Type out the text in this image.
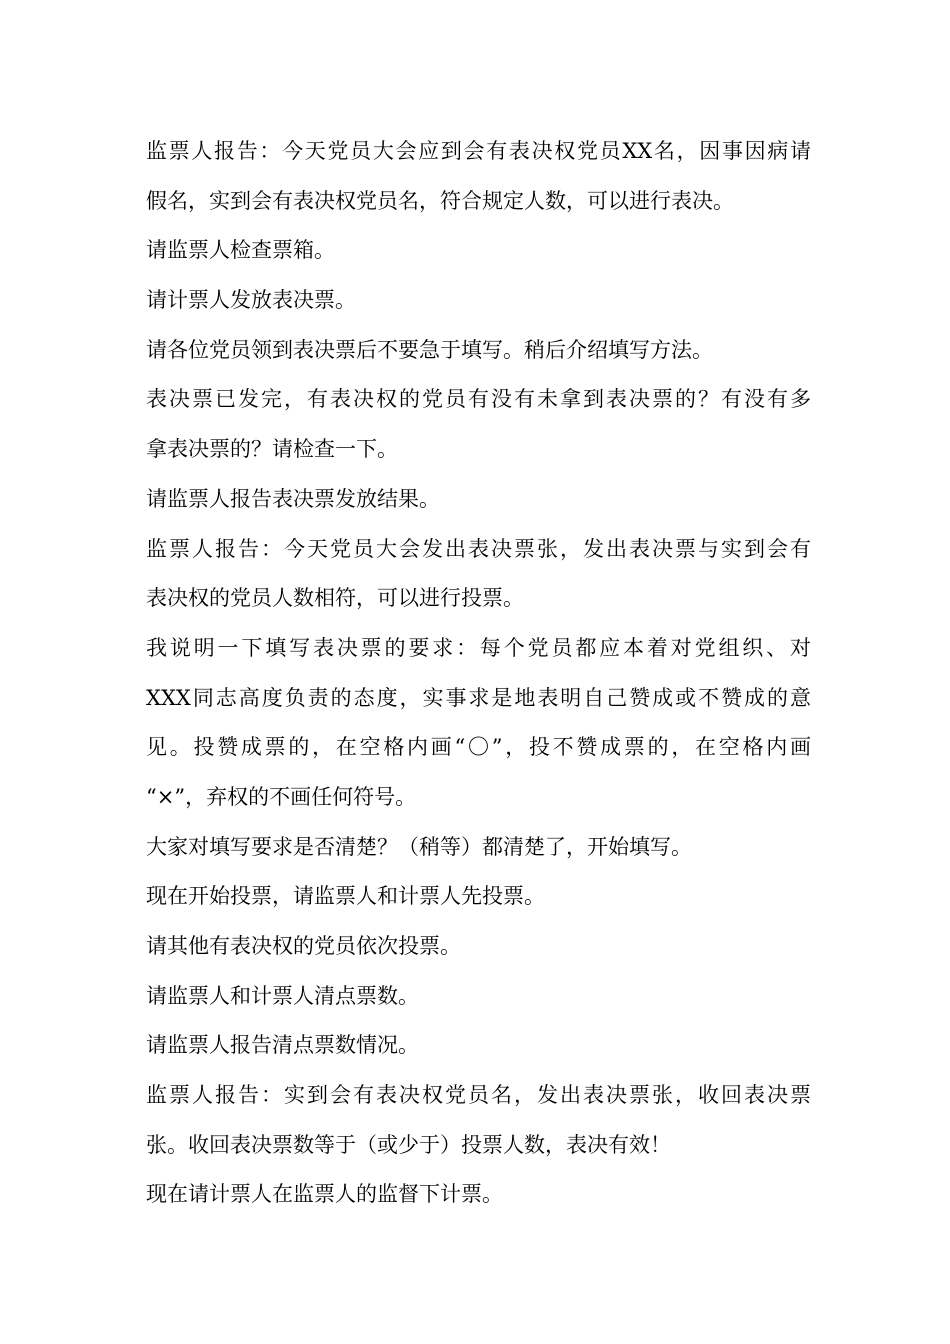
监票人报告：今天党员大会应到会有表决权党员XX名，因事因病请
假名，实到会有表决权党员名，符合规定人数，可以进行表决。
请监票人检查票箱。
请计票人发放表决票。
请各位党员领到表决票后不要急于填写。稍后介绍填写方法。
表决票已发完，有表决权的党员有没有未拿到表决票的？有没有多
拿表决票的？请检查一下。
请监票人报告表决票发放结果。
监票人报告：今天党员大会发出表决票张，发出表决票与实到会有
表决权的党员人数相符，可以进行投票。
我说明一下填写表决票的要求：每个党员都应本着对党组织、对
XXX同志高度负责的态度，实事求是地表明自己赞成或不赞成的意
见。投赞成票的，在空格内画“〇”，投不赞成票的，在空格内画
“×”，弃权的不画任何符号。
大家对填写要求是否清楚？（稍等）都清楚了，开始填写。
现在开始投票，请监票人和计票人先投票。
请其他有表决权的党员依次投票。
请监票人和计票人清点票数。
请监票人报告清点票数情况。
监票人报告：实到会有表决权党员名，发出表决票张，收回表决票
张。收回表决票数等于（或少于）投票人数，表决有效！
现在请计票人在监票人的监督下计票。
